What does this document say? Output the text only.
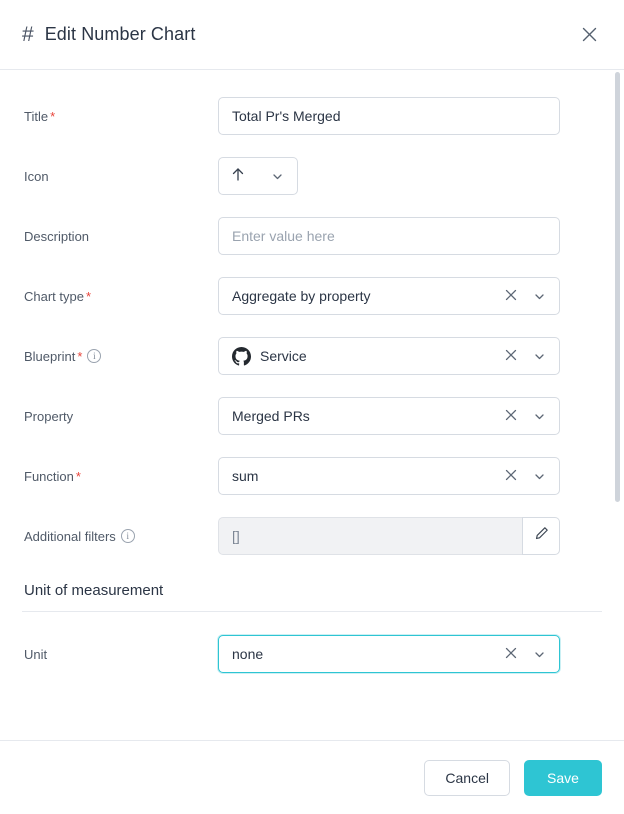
# Edit Number Chart
Title *	Total Pr's Merged
Icon
Description	Enter value here
Chart type *	Aggregate by property
Blueprint *	i	Service
Property	Merged PRs
Function *	sum
Additional filters	i	[]
Unit of measurement
Unit	none
Cancel	Save
